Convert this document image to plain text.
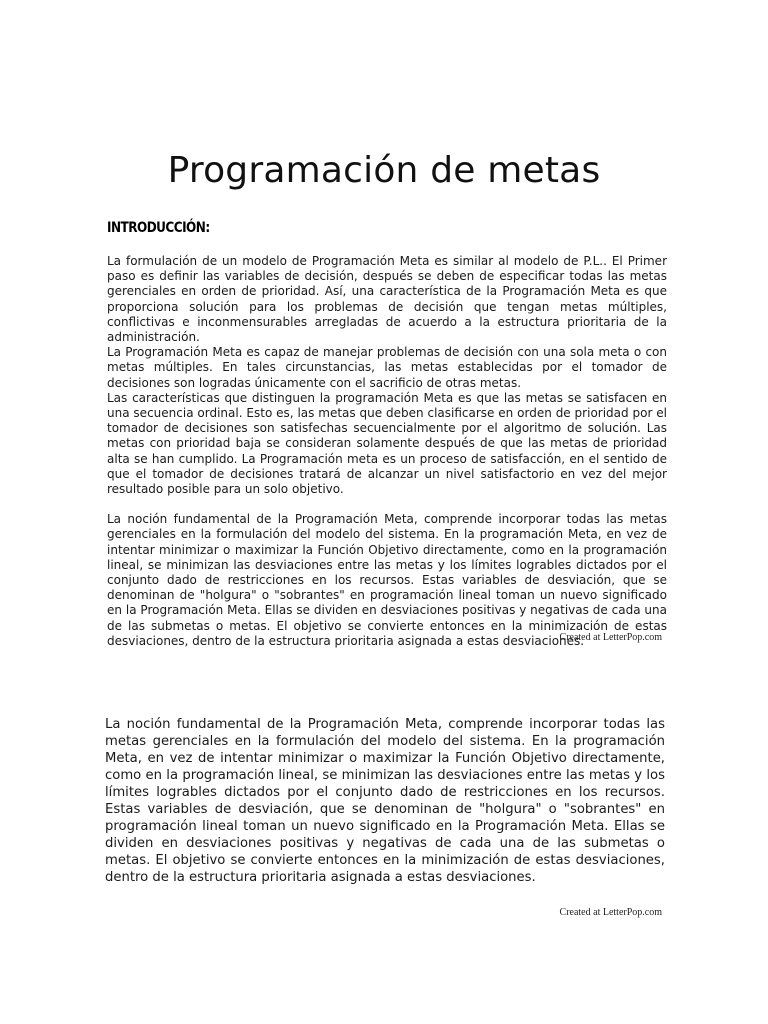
Programación de metas
INTRODUCCIÓN:

La formulación de un modelo de Programación Meta es similar al modelo de P.L.. El Primer paso es definir las variables de decisión, después se deben de especificar todas las metas gerenciales en orden de prioridad. Así, una característica de la Programación Meta es que proporciona solución para los problemas de decisión que tengan metas múltiples, conflictivas e inconmensurables arregladas de acuerdo a la estructura prioritaria de la administración.

La Programación Meta es capaz de manejar problemas de decisión con una sola meta o con metas múltiples. En tales circunstancias, las metas establecidas por el tomador de decisiones son logradas únicamente con el sacrificio de otras metas.

Las características que distinguen la programación Meta es que las metas se satisfacen en una secuencia ordinal. Esto es, las metas que deben clasificarse en orden de prioridad por el tomador de decisiones son satisfechas secuencialmente por el algoritmo de solución. Las metas con prioridad baja se consideran solamente después de que las metas de prioridad alta se han cumplido. La Programación meta es un proceso de satisfacción, en el sentido de que el tomador de decisiones tratará de alcanzar un nivel satisfactorio en vez del mejor resultado posible para un solo objetivo.

La noción fundamental de la Programación Meta, comprende incorporar todas las metas gerenciales en la formulación del modelo del sistema. En la programación Meta, en vez de intentar minimizar o maximizar la Función Objetivo directamente, como en la programación lineal, se minimizan las desviaciones entre las metas y los límites logrables dictados por el conjunto dado de restricciones en los recursos. Estas variables de desviación, que se denominan de "holgura" o "sobrantes" en programación lineal toman un nuevo significado en la Programación Meta. Ellas se dividen en desviaciones positivas y negativas de cada una de las submetas o metas. El objetivo se convierte entonces en la minimización de estas desviaciones, dentro de la estructura prioritaria asignada a estas desviaciones.

Created at LetterPop.com

La noción fundamental de la Programación Meta, comprende incorporar todas las metas gerenciales en la formulación del modelo del sistema. En la programación Meta, en vez de intentar minimizar o maximizar la Función Objetivo directamente, como en la programación lineal, se minimizan las desviaciones entre las metas y los límites logrables dictados por el conjunto dado de restricciones en los recursos. Estas variables de desviación, que se denominan de "holgura" o "sobrantes" en programación lineal toman un nuevo significado en la Programación Meta. Ellas se dividen en desviaciones positivas y negativas de cada una de las submetas o metas. El objetivo se convierte entonces en la minimización de estas desviaciones, dentro de la estructura prioritaria asignada a estas desviaciones.

Created at LetterPop.com
